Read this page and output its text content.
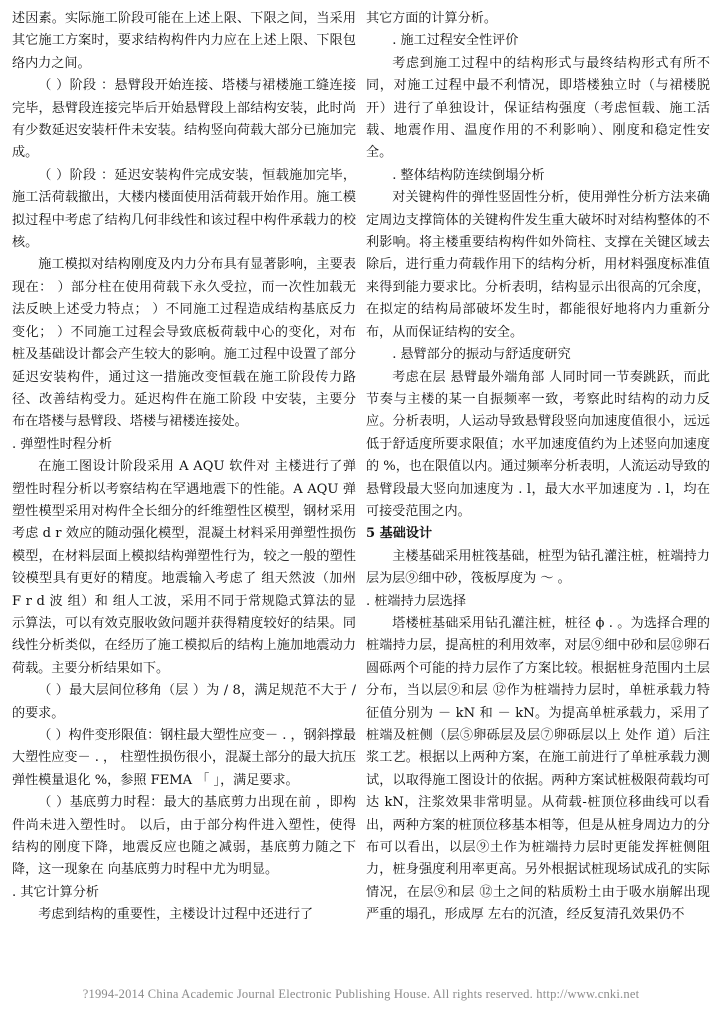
述因素。实际施工阶段可能在上述上限、下限之间，当采用其它施工方案时，要求结构构件内力应在上述上限、下限包络内力之间。

（ ）阶段 ：悬臂段开始连接、塔楼与裙楼施工缝连接完毕，悬臂段连接完毕后开始悬臂段上部结构安装，此时尚有少数延迟安装杆件未安装。结构竖向荷载大部分已施加完成。

（ ）阶段 ：延迟安装构件完成安装，恒载施加完毕，施工活荷载撤出，大楼内楼面使用活荷载开始作用。施工模拟过程中考虑了结构几何非线性和该过程中构件承载力的校核。

施工模拟对结构刚度及内力分布具有显著影响，主要表现在： ）部分柱在使用荷载下永久受拉，而一次性加载无法反映上述受力特点； ）不同施工过程造成结构基底反力变化； ）不同施工过程会导致底板荷载中心的变化，对布桩及基础设计都会产生较大的影响。施工过程中设置了部分延迟安装构件，通过这一措施改变恒载在施工阶段传力路径、改善结构受力。延迟构件在施工阶段 中安装，主要分布在塔楼与悬臂段、塔楼与裙楼连接处。

. 弹塑性时程分析

在施工图设计阶段采用 A AQU 软件对 主楼进行了弹塑性时程分析以考察结构在罕遇地震下的性能。A AQU 弹塑性模型采用对构件全长细分的纤维塑性区模型，钢材采用考虑 d r 效应的随动强化模型，混凝土材料采用弹塑性损伤模型，在材料层面上模拟结构弹塑性行为，较之一般的塑性铰模型具有更好的精度。地震输入考虑了 组天然波（加州 F r d 波 组）和 组人工波，采用不同于常规隐式算法的显示算法，可以有效克服收敛问题并获得精度较好的结果。同线性分析类似，在经历了施工模拟后的结构上施加地震动力荷载。主要分析结果如下。

（ ）最大层间位移角（层 ）为 / 8，满足规范不大于 / 的要求。

（ ）构件变形限值：钢柱最大塑性应变－ . ，钢斜撑最大塑性应变－ . ， 柱塑性损伤很小，混凝土部分的最大抗压弹性模量退化 %，参照 FEMA 「 」，满足要求。

（ ）基底剪力时程：最大的基底剪力出现在前 ，即构件尚未进入塑性时。 以后，由于部分构件进入塑性，使得结构的刚度下降，地震反应也随之减弱，基底剪力随之下降，这一现象在 向基底剪力时程中尤为明显。

. 其它计算分析

考虑到结构的重要性，主楼设计过程中还进行了

其它方面的计算分析。

. 施工过程安全性评价

考虑到施工过程中的结构形式与最终结构形式有所不同，对施工过程中最不利情况，即塔楼独立时（与裙楼脱开）进行了单独设计，保证结构强度（考虑恒载、施工活载、地震作用、温度作用的不利影响）、刚度和稳定性安全。

. 整体结构防连续倒塌分析

对关键构件的弹性竖固性分析，使用弹性分析方法来确定周边支撑筒体的关键构件发生重大破坏时对结构整体的不利影响。将主楼重要结构构件如外筒柱、支撑在关键区域去除后，进行重力荷载作用下的结构分析，用材料强度标准值来得到能力要求比。分析表明，结构显示出很高的冗余度，在拟定的结构局部破坏发生时，都能很好地将内力重新分布，从而保证结构的安全。

. 悬臂部分的振动与舒适度研究

考虑在层 悬臂最外端角部 人同时同一节奏跳跃，而此节奏与主楼的某一自振频率一致，考察此时结构的动力反应。分析表明，人运动导致悬臂段竖向加速度值很小，远远低于舒适度所要求限值；水平加速度值约为上述竖向加速度的 %，也在限值以内。通过频率分析表明，人流运动导致的悬臂段最大竖向加速度为 . l，最大水平加速度为 . l，均在可接受范围之内。

5 基础设计

主楼基础采用桩筏基础，桩型为钻孔灌注桩，桩端持力层为层⑨细中砂，筏板厚度为 ～ 。

. 桩端持力层选择

塔楼桩基础采用钻孔灌注桩，桩径 ϕ . 。为选择合理的桩端持力层，提高桩的利用效率，对层⑨细中砂和层⑫卵石圆砾两个可能的持力层作了方案比较。根据桩身范围内土层分布，当以层⑨和层 ⑫作为桩端持力层时，单桩承载力特征值分别为 － kN 和 － kN。为提高单桩承载力，采用了桩端及桩侧（层⑤卵砾层及层⑦卵砾层以上 处作 道）后注浆工艺。根据以上两种方案，在施工前进行了单桩承载力测试，以取得施工图设计的依据。两种方案试桩极限荷载均可达 kN，注浆效果非常明显。从荷载-桩顶位移曲线可以看出，两种方案的桩顶位移基本相等，但是从桩身周边力的分布可以看出，以层⑨土作为桩端持力层时更能发挥桩侧阻力，桩身强度利用率更高。另外根据试桩现场试成孔的实际情况，在层⑨和层 ⑫土之间的粘质粉土由于吸水崩解出现严重的塌孔，形成厚 左右的沉渣，经反复清孔效果仍不

?1994-2014 China Academic Journal Electronic Publishing House. All rights reserved. http://www.cnki.net
